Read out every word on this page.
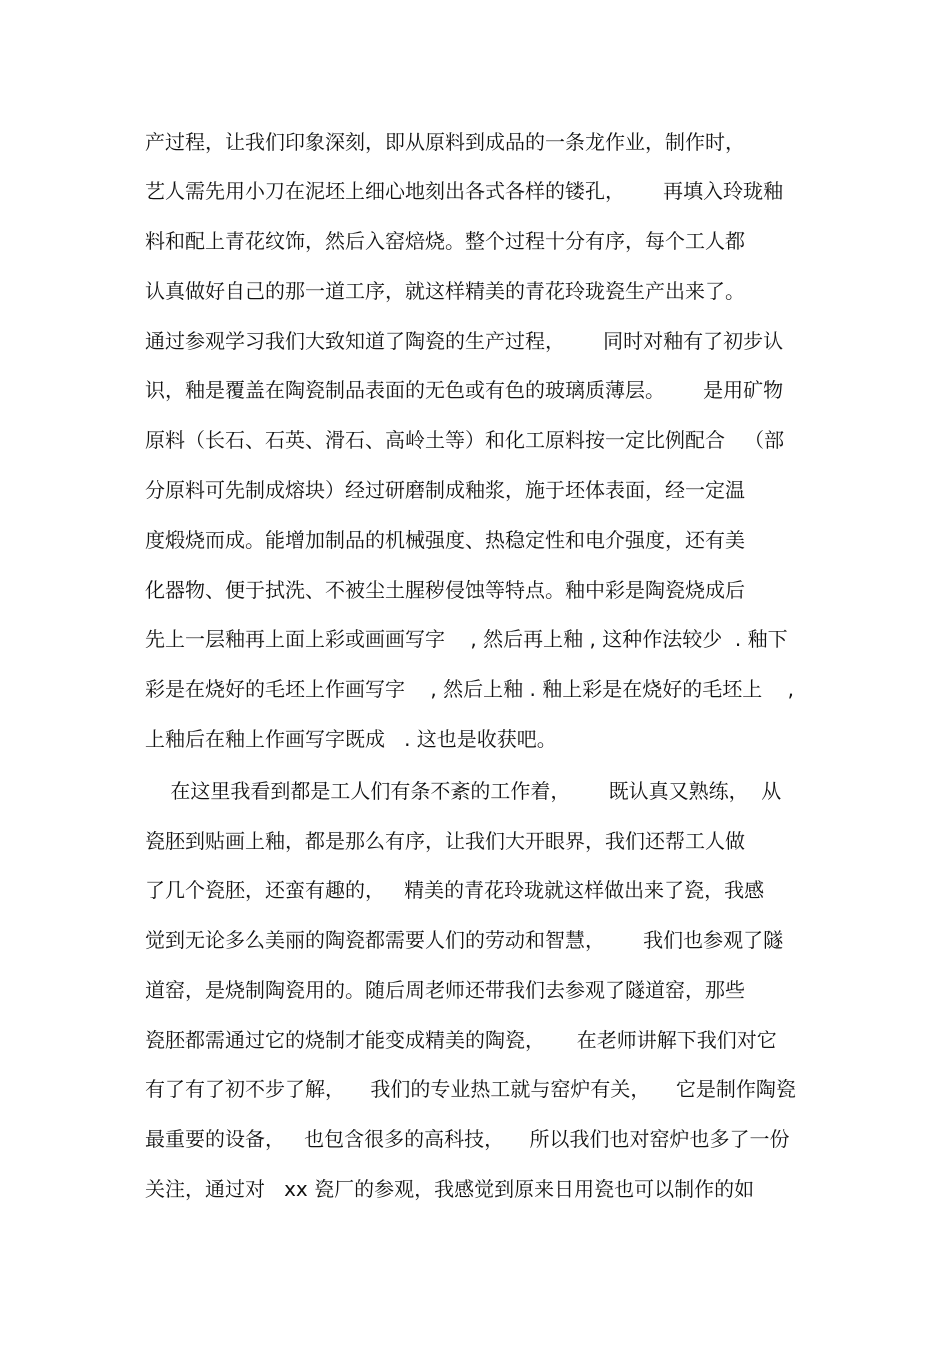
产过程，让我们印象深刻，即从原料到成品的一条龙作业，制作时，
艺人需先用小刀在泥坯上细心地刻出各式各样的镂孔，      再填入玲珑釉
料和配上青花纹饰，然后入窑焙烧。整个过程十分有序，每个工人都
认真做好自己的那一道工序，就这样精美的青花玲珑瓷生产出来了。
通过参观学习我们大致知道了陶瓷的生产过程，      同时对釉有了初步认
识，釉是覆盖在陶瓷制品表面的无色或有色的玻璃质薄层。      是用矿物
原料（长石、石英、滑石、高岭土等）和化工原料按一定比例配合   （部
分原料可先制成熔块）经过研磨制成釉浆，施于坯体表面，经一定温
度煅烧而成。能增加制品的机械强度、热稳定性和电介强度，还有美
化器物、便于拭洗、不被尘土腥秽侵蚀等特点。釉中彩是陶瓷烧成后
先上一层釉再上面上彩或画画写字    , 然后再上釉 , 这种作法较少  . 釉下
彩是在烧好的毛坯上作画写字    , 然后上釉 . 釉上彩是在烧好的毛坯上    ,
上釉后在釉上作画写字既成   . 这也是收获吧。
在这里我看到都是工人们有条不紊的工作着，      既认真又熟练，  从
瓷胚到贴画上釉，都是那么有序，让我们大开眼界，我们还帮工人做
了几个瓷胚，还蛮有趣的，   精美的青花玲珑就这样做出来了瓷，我感
觉到无论多么美丽的陶瓷都需要人们的劳动和智慧，      我们也参观了隧
道窑，是烧制陶瓷用的。随后周老师还带我们去参观了隧道窑，那些
瓷胚都需通过它的烧制才能变成精美的陶瓷，     在老师讲解下我们对它
有了有了初不步了解，    我们的专业热工就与窑炉有关，    它是制作陶瓷
最重要的设备，   也包含很多的高科技，    所以我们也对窑炉也多了一份
关注，通过对   xx 瓷厂的参观，我感觉到原来日用瓷也可以制作的如
